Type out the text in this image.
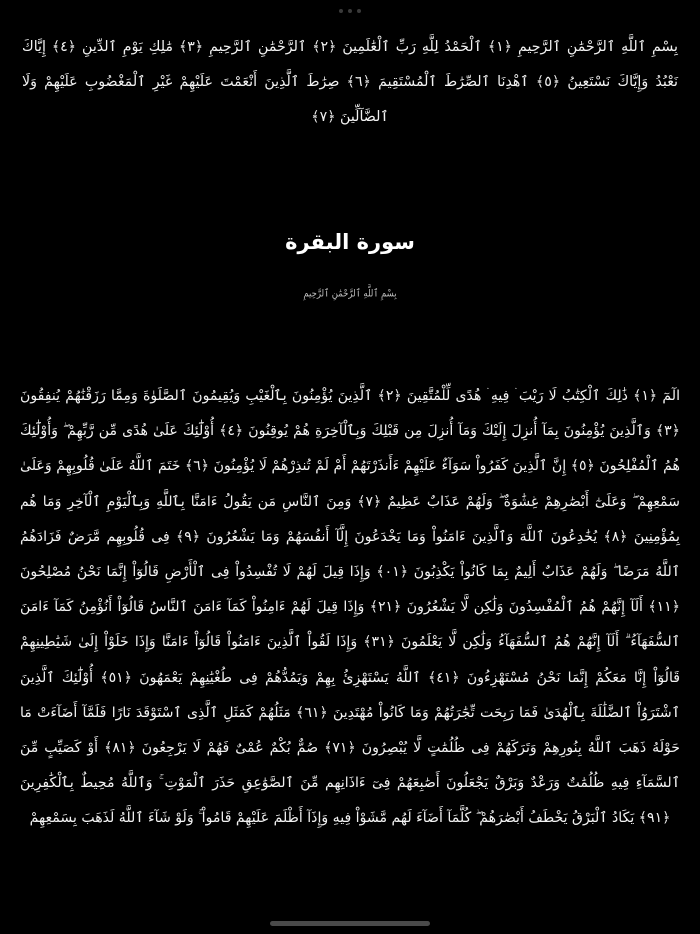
بِسْمِ ٱللَّهِ ٱلرَّحْمَٰنِ ٱلرَّحِيمِ ﴿١﴾ ٱلْحَمْدُ لِلَّهِ رَبِّ ٱلْعَٰلَمِينَ ﴿٢﴾ ٱلرَّحْمَٰنِ ٱلرَّحِيمِ ﴿٣﴾ مَٰلِكِ يَوْمِ ٱلدِّينِ ﴿٤﴾ إِيَّاكَ نَعْبُدُ وَإِيَّاكَ نَسْتَعِينُ ﴿٥﴾ ٱهْدِنَا ٱلصِّرَٰطَ ٱلْمُسْتَقِيمَ ﴿٦﴾ صِرَٰطَ ٱلَّذِينَ أَنْعَمْتَ عَلَيْهِمْ غَيْرِ ٱلْمَغْضُوبِ عَلَيْهِمْ وَلَا ٱلضَّآلِّينَ ﴿٧﴾
سورة البقرة
بِسْمِ ٱللَّهِ ٱلرَّحْمَٰنِ ٱلرَّحِيمِ
الٓمٓ ﴿١﴾ ذَٰلِكَ ٱلْكِتَٰبُ لَا رَيْبَ ۛ فِيهِ ۛ هُدًى لِّلْمُتَّقِينَ ﴿٢﴾ ٱلَّذِينَ يُؤْمِنُونَ بِٱلْغَيْبِ وَيُقِيمُونَ ٱلصَّلَوٰةَ وَمِمَّا رَزَقْنَٰهُمْ يُنفِقُونَ ﴿٣﴾ وَٱلَّذِينَ يُؤْمِنُونَ بِمَآ أُنزِلَ إِلَيْكَ وَمَآ أُنزِلَ مِن قَبْلِكَ وَبِٱلْآخِرَةِ هُمْ يُوقِنُونَ ﴿٤﴾ أُوْلَٰٓئِكَ عَلَىٰ هُدًى مِّن رَّبِّهِمْ ۖ وَأُوْلَٰٓئِكَ هُمُ ٱلْمُفْلِحُونَ ﴿٥﴾ إِنَّ ٱلَّذِينَ كَفَرُواْ سَوَآءٌ عَلَيْهِمْ ءَأَنذَرْتَهُمْ أَمْ لَمْ تُنذِرْهُمْ لَا يُؤْمِنُونَ ﴿٦﴾ خَتَمَ ٱللَّهُ عَلَىٰ قُلُوبِهِمْ وَعَلَىٰ سَمْعِهِمْ ۖ وَعَلَىٰٓ أَبْصَٰرِهِمْ غِشَٰوَةٌ ۖ وَلَهُمْ عَذَابٌ عَظِيمٌ ﴿٧﴾ وَمِنَ ٱلنَّاسِ مَن يَقُولُ ءَامَنَّا بِٱللَّهِ وَبِٱلْيَوْمِ ٱلْآخِرِ وَمَا هُم بِمُؤْمِنِينَ ﴿٨﴾ يُخَٰدِعُونَ ٱللَّهَ وَٱلَّذِينَ ءَامَنُواْ وَمَا يَخْدَعُونَ إِلَّآ أَنفُسَهُمْ وَمَا يَشْعُرُونَ ﴿٩﴾ فِى قُلُوبِهِم مَّرَضٌ فَزَادَهُمُ ٱللَّهُ مَرَضًا ۖ وَلَهُمْ عَذَابٌ أَلِيمٌ بِمَا كَانُواْ يَكْذِبُونَ ﴿١٠﴾ وَإِذَا قِيلَ لَهُمْ لَا تُفْسِدُواْ فِى ٱلْأَرْضِ قَالُوٓاْ إِنَّمَا نَحْنُ مُصْلِحُونَ ﴿١١﴾ أَلَآ إِنَّهُمْ هُمُ ٱلْمُفْسِدُونَ وَلَٰكِن لَّا يَشْعُرُونَ ﴿١٢﴾ وَإِذَا قِيلَ لَهُمْ ءَامِنُواْ كَمَآ ءَامَنَ ٱلنَّاسُ قَالُوٓاْ أَنُؤْمِنُ كَمَآ ءَامَنَ ٱلسُّفَهَآءُ ۗ أَلَآ إِنَّهُمْ هُمُ ٱلسُّفَهَآءُ وَلَٰكِن لَّا يَعْلَمُونَ ﴿١٣﴾ وَإِذَا لَقُواْ ٱلَّذِينَ ءَامَنُواْ قَالُوٓاْ ءَامَنَّا وَإِذَا خَلَوْاْ إِلَىٰ شَيَٰطِينِهِمْ قَالُوٓاْ إِنَّا مَعَكُمْ إِنَّمَا نَحْنُ مُسْتَهْزِءُونَ ﴿١٤﴾ ٱللَّهُ يَسْتَهْزِئُ بِهِمْ وَيَمُدُّهُمْ فِى طُغْيَٰنِهِمْ يَعْمَهُونَ ﴿١٥﴾ أُوْلَٰٓئِكَ ٱلَّذِينَ ٱشْتَرَوُاْ ٱلضَّلَٰلَةَ بِٱلْهُدَىٰ فَمَا رَبِحَت تِّجَٰرَتُهُمْ وَمَا كَانُواْ مُهْتَدِينَ ﴿١٦﴾ مَثَلُهُمْ كَمَثَلِ ٱلَّذِى ٱسْتَوْقَدَ نَارًا فَلَمَّآ أَضَآءَتْ مَا حَوْلَهُ ذَهَبَ ٱللَّهُ بِنُورِهِمْ وَتَرَكَهُمْ فِى ظُلُمَٰتٍ لَّا يُبْصِرُونَ ﴿١٧﴾ صُمٌّ بُكْمٌ عُمْىٌ فَهُمْ لَا يَرْجِعُونَ ﴿١٨﴾ أَوْ كَصَيِّبٍ مِّنَ ٱلسَّمَآءِ فِيهِ ظُلُمَٰتٌ وَرَعْدٌ وَبَرْقٌ يَجْعَلُونَ أَصَٰبِعَهُمْ فِىٓ ءَاذَانِهِم مِّنَ ٱلصَّوَٰعِقِ حَذَرَ ٱلْمَوْتِ ۚ وَٱللَّهُ مُحِيطٌ بِٱلْكَٰفِرِينَ ﴿١٩﴾ يَكَادُ ٱلْبَرْقُ يَخْطَفُ أَبْصَٰرَهُمْ ۖ كُلَّمَآ أَضَآءَ لَهُم مَّشَوْاْ فِيهِ وَإِذَآ أَظْلَمَ عَلَيْهِمْ قَامُواْ ۚ وَلَوْ شَآءَ ٱللَّهُ لَذَهَبَ بِسَمْعِهِمْ
